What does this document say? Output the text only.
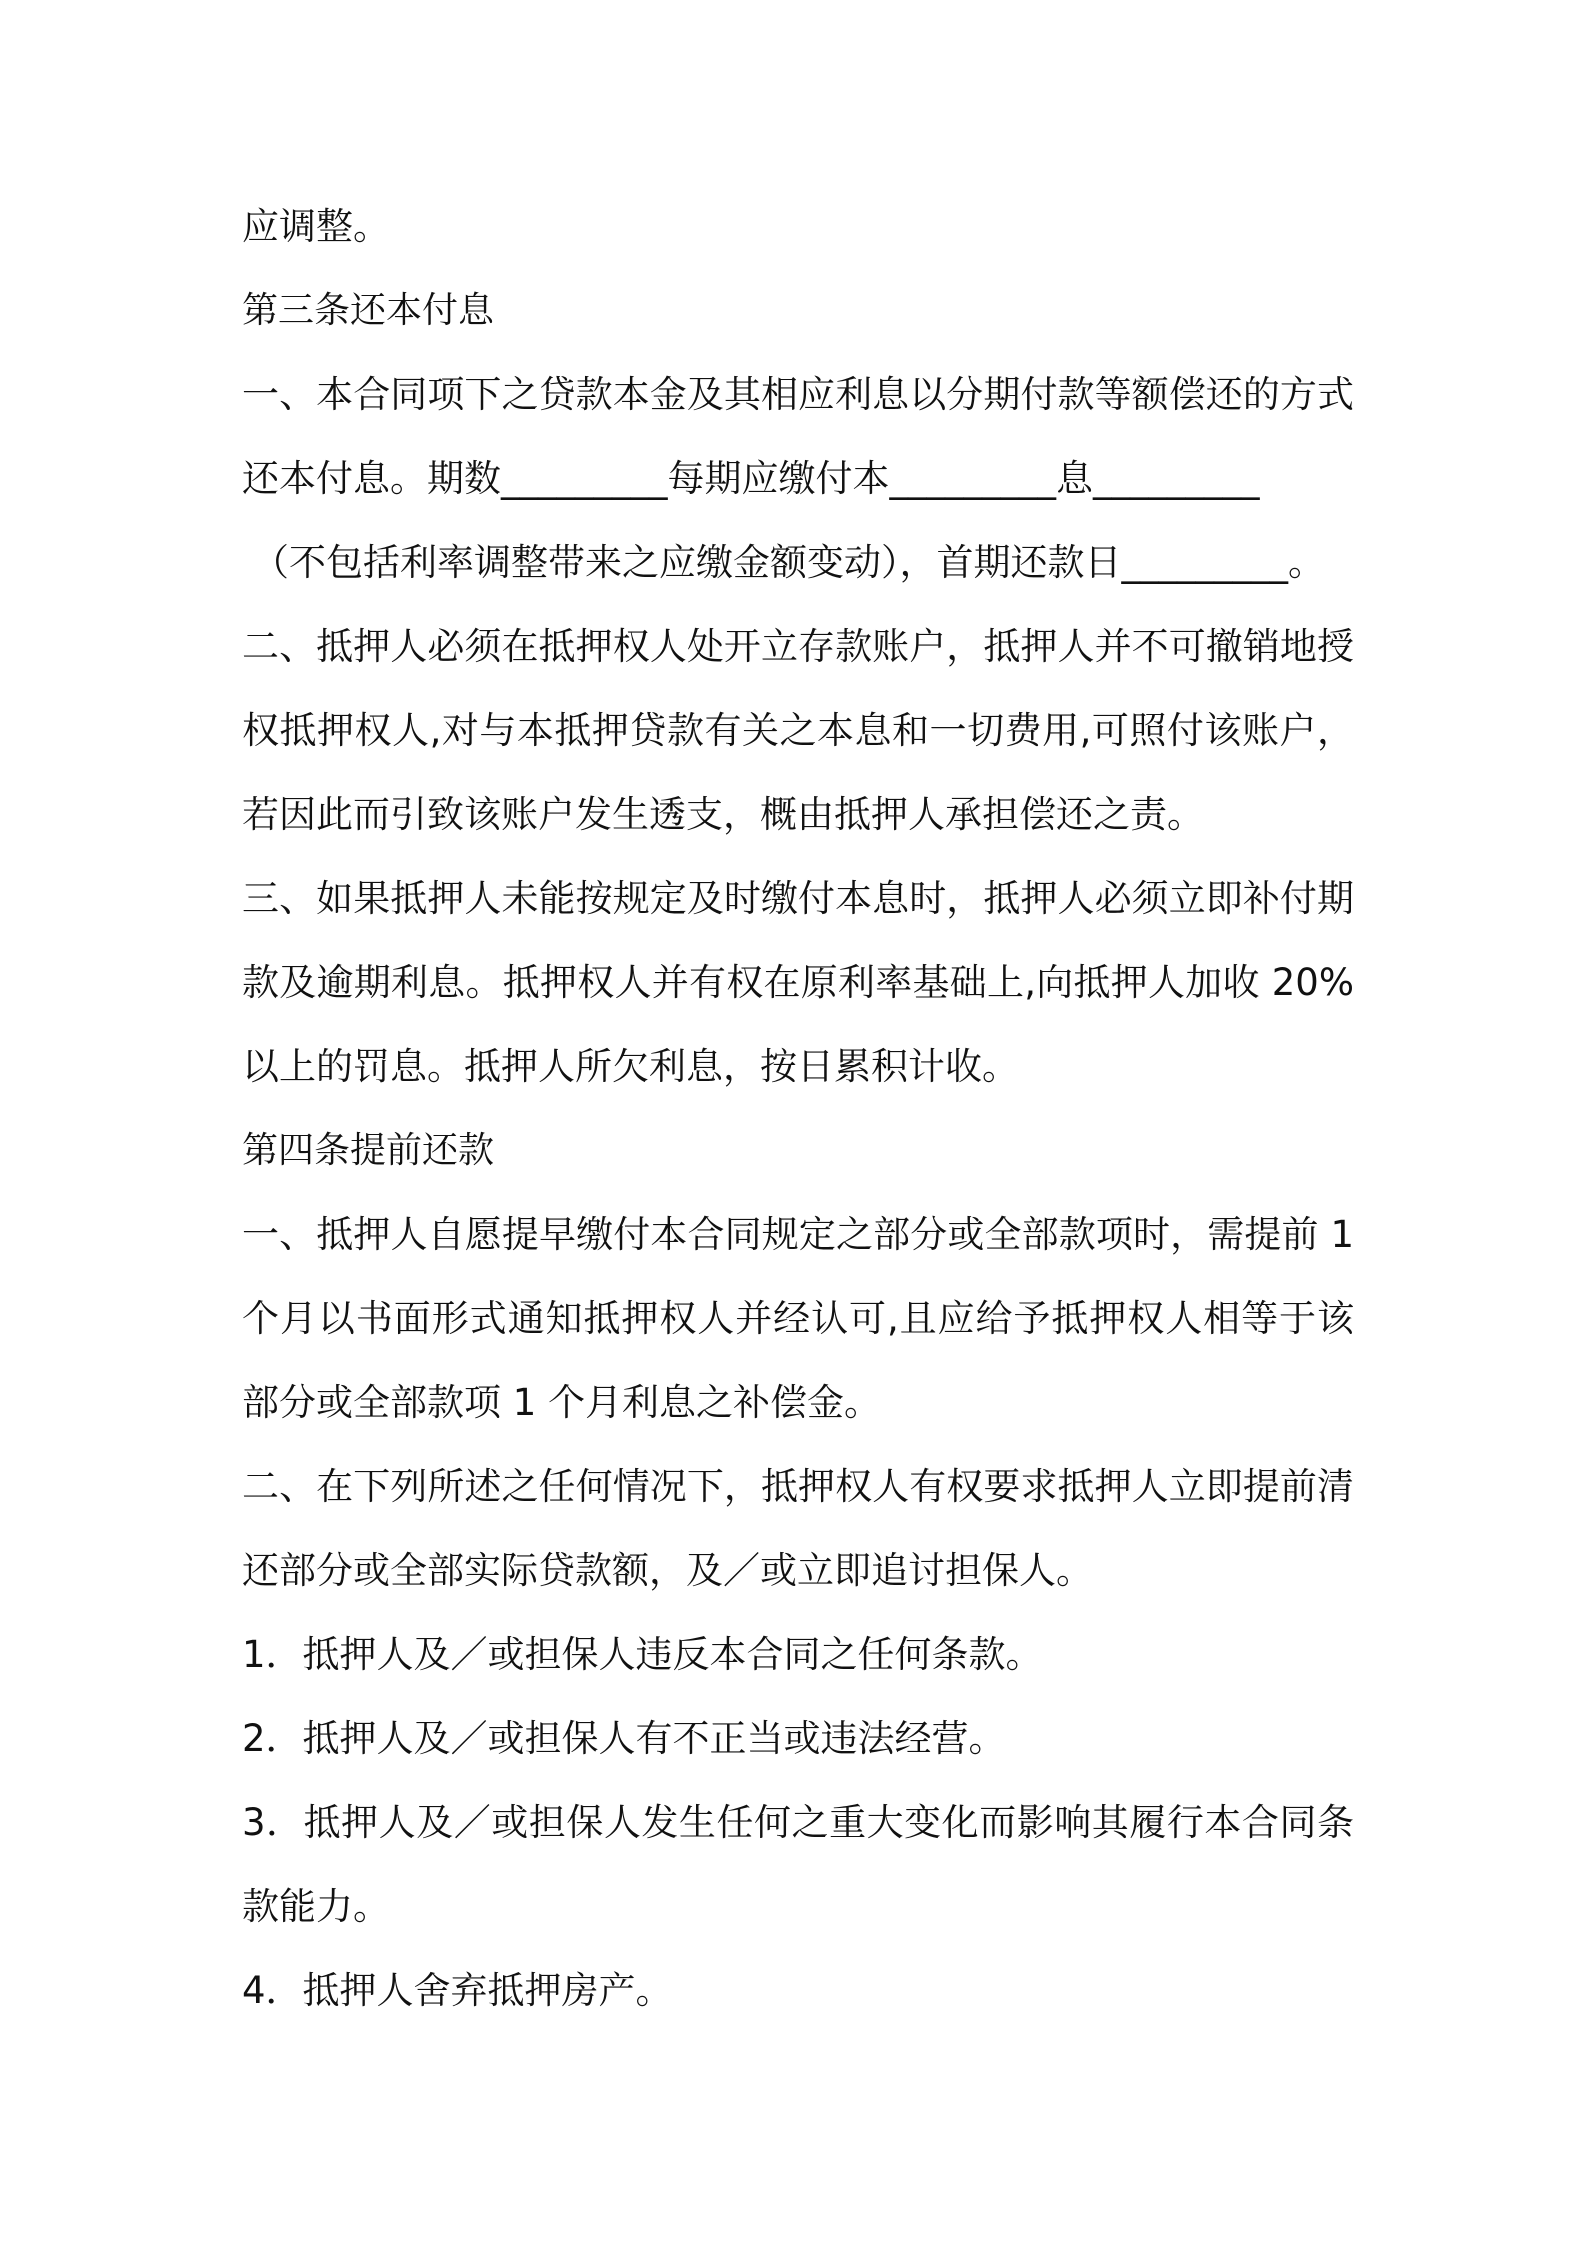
应调整。
第三条还本付息
一、本合同项下之贷款本金及其相应利息以分期付款等额偿还的方式
还本付息。期数_________每期应缴付本_________息_________
（不包括利率调整带来之应缴金额变动），首期还款日_________。
二、抵押人必须在抵押权人处开立存款账户，抵押人并不可撤销地授
权抵押权人,对与本抵押贷款有关之本息和一切费用,可照付该账户，
若因此而引致该账户发生透支，概由抵押人承担偿还之责。
三、如果抵押人未能按规定及时缴付本息时，抵押人必须立即补付期
款及逾期利息。抵押权人并有权在原利率基础上,向抵押人加收 20%
以上的罚息。抵押人所欠利息，按日累积计收。
第四条提前还款
一、抵押人自愿提早缴付本合同规定之部分或全部款项时，需提前 1
个月以书面形式通知抵押权人并经认可,且应给予抵押权人相等于该
部分或全部款项 1 个月利息之补偿金。
二、在下列所述之任何情况下，抵押权人有权要求抵押人立即提前清
还部分或全部实际贷款额，及／或立即追讨担保人。
1．抵押人及／或担保人违反本合同之任何条款。
2．抵押人及／或担保人有不正当或违法经营。
3．抵押人及／或担保人发生任何之重大变化而影响其履行本合同条
款能力。
4．抵押人舍弃抵押房产。
